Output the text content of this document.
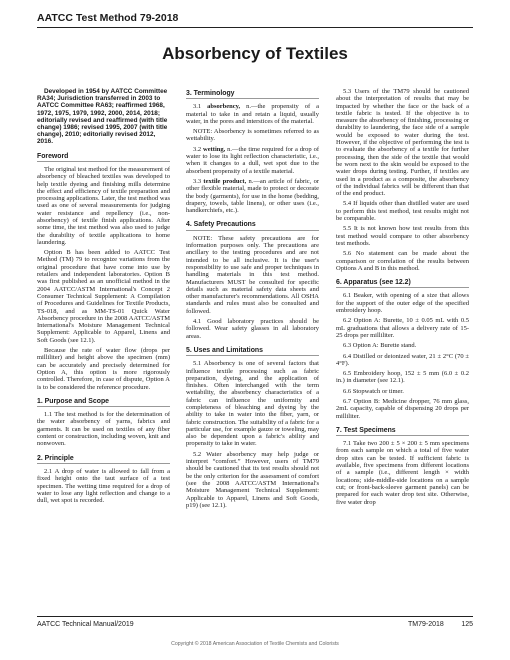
AATCC Test Method 79-2018
Absorbency of Textiles

Developed in 1954 by AATCC Committee RA34; Jurisdiction transferred in 2003 to AATCC Committee RA63; reaffirmed 1968, 1972, 1975, 1979, 1992, 2000, 2014, 2018; editorially revised and reaffirmed (with title change) 1986; revised 1995, 2007 (with title change), 2010; editorially revised 2012, 2016.

Foreword

The original test method for the measurement of absorbency of bleached textiles was developed to help textile dyeing and finishing mills determine the effect and efficiency of textile preparation and processing applications. Later, the test method was used as one of several measurements for judging water resistance and repellency (i.e., non-absorbency) of textile finish applications. After some time, the test method was also used to judge the durability of textile applications to home laundering.

Option B has been added to AATCC Test Method (TM) 79 to recognize variations from the original procedure that have come into use by retailers and independent laboratories. Option B was first published as an unofficial method in the 2004 AATCC/ASTM International's Concept 2 Consumer Technical Supplement: A Compilation of Procedures and Guidelines for Textile Products, TS-018, and as MM-TS-01 Quick Water Absorbency procedure in the 2008 AATCC/ASTM International's Moisture Management Technical Supplement: Applicable to Apparel, Linens and Soft Goods (see 12.1).

Because the rate of water flow (drops per milliliter) and height above the specimen (mm) can be accurately and precisely determined for Option A, this option is more rigorously controlled. Therefore, in case of dispute, Option A is to be considered the reference procedure.

1. Purpose and Scope

1.1 The test method is for the determination of the water absorbency of yarns, fabrics and garments. It can be used on textiles of any fiber content or construction, including woven, knit and nonwoven.

2. Principle

2.1 A drop of water is allowed to fall from a fixed height onto the taut surface of a test specimen. The wetting time required for a drop of water to lose any light reflection and change to a dull, wet spot is recorded.

3. Terminology

3.1 absorbency, n.—the propensity of a material to take in and retain a liquid, usually water, in the pores and interstices of the material.

NOTE: Absorbency is sometimes referred to as wettability.

3.2 wetting, n.—the time required for a drop of water to lose its light reflection characteristic, i.e., when it changes to a dull, wet spot due to the absorbent propensity of a textile material.

3.3 textile product, n.—an article of fabric, or other flexible material, made to protect or decorate the body (garments), for use in the home (bedding, drapery, towels, table linens), or other uses (i.e., handkerchiefs, etc.).

4. Safety Precautions

NOTE: These safety precautions are for information purposes only. The precautions are ancillary to the testing procedures and are not intended to be all inclusive. It is the user's responsibility to use safe and proper techniques in handling materials in this test method. Manufacturers MUST be consulted for specific details such as material safety data sheets and other manufacturer's recommendations. All OSHA standards and rules must also be consulted and followed.

4.1 Good laboratory practices should be followed. Wear safety glasses in all laboratory areas.

5. Uses and Limitations

5.1 Absorbency is one of several factors that influence textile processing such as fabric preparation, dyeing, and the application of finishes. Often interchanged with the term wettability, the absorbency characteristics of a fabric can influence the uniformity and completeness of bleaching and dyeing by the ability to take in water into the fiber, yarn, or fabric construction. The suitability of a fabric for a particular use, for example gauze or toweling, may also be dependent upon a fabric's ability and propensity to take in water.

5.2 Water absorbency may help judge or interpret “comfort.” However, users of TM79 should be cautioned that its test results should not be the only criterion for the assessment of comfort (see the 2008 AATCC/ASTM International's Moisture Management Technical Supplement: Applicable to Apparel, Linens and Soft Goods, p19) (see 12.1).

5.3 Users of the TM79 should be cautioned about the interpretation of results that may be impacted by whether the face or the back of a textile fabric is tested. If the objective is to measure the absorbency of finishing, processing or durability to laundering, the face side of a sample would be exposed to water during the test. However, if the objective of performing the test is to evaluate the absorbency of a textile for further processing, then the side of the textile that would be worn next to the skin would be exposed to the water drops during testing. Further, if textiles are used in a product as a composite, the absorbency of the individual fabrics will be different than that of the end product.

5.4 If liquids other than distilled water are used to perform this test method, test results might not be comparable.

5.5 It is not known how test results from this test method would compare to other absorbency test methods.

5.6 No statement can be made about the comparison or correlation of the results between Options A and B in this method.

6. Apparatus (see 12.2)

6.1 Beaker, with opening of a size that allows for the support of the outer edge of the specified embroidery hoop.

6.2 Option A: Burette, 10 ± 0.05 mL with 0.5 mL graduations that allows a delivery rate of 15-25 drops per milliliter.

6.3 Option A: Burette stand.

6.4 Distilled or deionized water, 21 ± 2°C (70 ± 4°F).

6.5 Embroidery hoop, 152 ± 5 mm (6.0 ± 0.2 in.) in diameter (see 12.1).

6.6 Stopwatch or timer.

6.7 Option B: Medicine dropper, 76 mm glass, 2mL capacity, capable of dispensing 20 drops per milliliter.

7. Test Specimens

7.1 Take two 200 ± 5 × 200 ± 5 mm specimens from each sample on which a total of five water drop sites can be tested. If sufficient fabric is available, five specimens from different locations of a sample (i.e., different length × width locations; side-middle-side locations on a sample cut; or front-back-sleeve garment panels) can be prepared for each water drop test site. Otherwise, five water drop

AATCC Technical Manual/2019	TM79-2018	125
Copyright © 2018 American Association of Textile Chemists and Colorists
